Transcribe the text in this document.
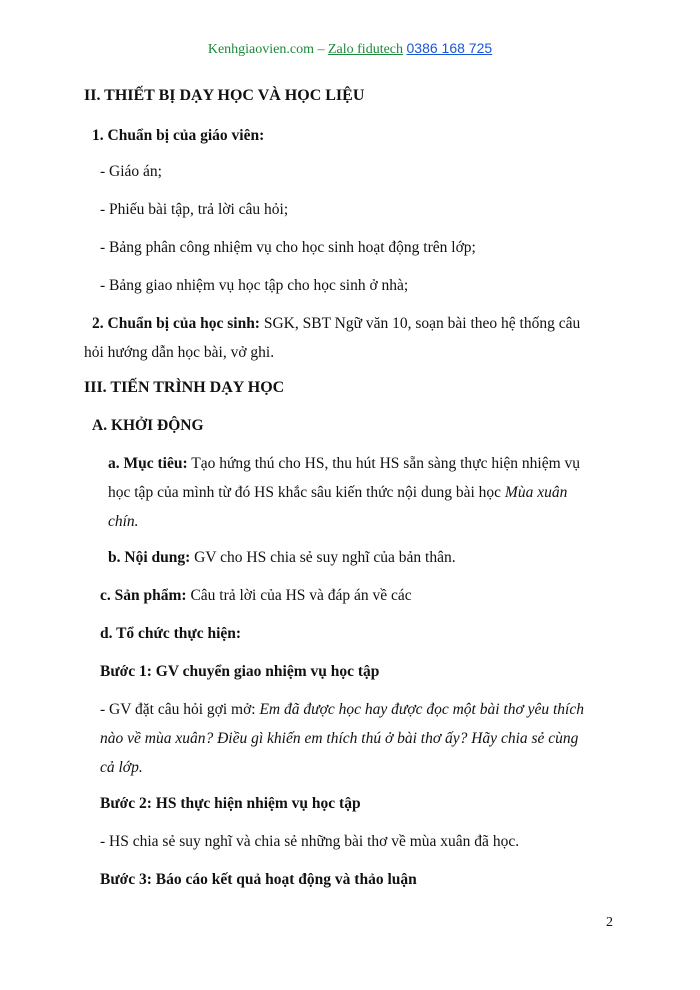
Kenhgiaovien.com – Zalo fidutech 0386 168 725
II. THIẾT BỊ DẠY HỌC VÀ HỌC LIỆU
1. Chuẩn bị của giáo viên:
- Giáo án;
- Phiếu bài tập, trả lời câu hỏi;
- Bảng phân công nhiệm vụ cho học sinh hoạt động trên lớp;
- Bảng giao nhiệm vụ học tập cho học sinh ở nhà;
2. Chuẩn bị của học sinh: SGK, SBT Ngữ văn 10, soạn bài theo hệ thống câu
hỏi hướng dẫn học bài, vở ghi.
III. TIẾN TRÌNH DẠY HỌC
A. KHỞI ĐỘNG
a. Mục tiêu: Tạo hứng thú cho HS, thu hút HS sẵn sàng thực hiện nhiệm vụ
học tập của mình từ đó HS khắc sâu kiến thức nội dung bài học Mùa xuân
chín.
b. Nội dung: GV cho HS chia sẻ suy nghĩ của bản thân.
c. Sản phẩm: Câu trả lời của HS và đáp án về các
d. Tổ chức thực hiện:
Bước 1: GV chuyển giao nhiệm vụ học tập
- GV đặt câu hỏi gợi mở: Em đã được học hay được đọc một bài thơ yêu thích
nào về mùa xuân? Điều gì khiến em thích thú ở bài thơ ấy? Hãy chia sẻ cùng
cả lớp.
Bước 2: HS thực hiện nhiệm vụ học tập
- HS chia sẻ suy nghĩ và chia sẻ những bài thơ về mùa xuân đã học.
Bước 3: Báo cáo kết quả hoạt động và thảo luận
2
